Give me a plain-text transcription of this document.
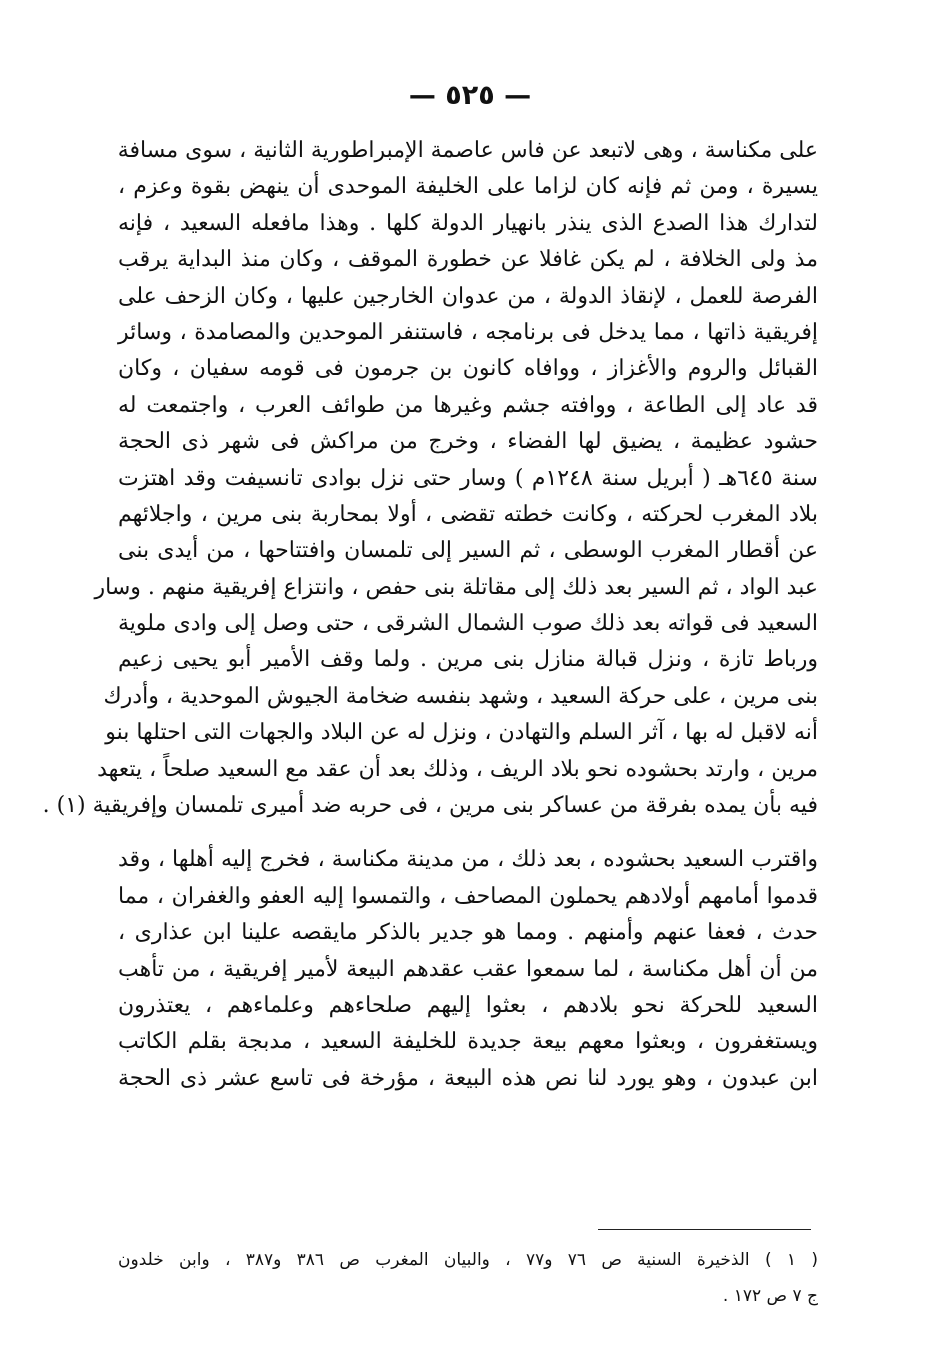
— ٥٢٥ —
على مكناسة ، وهى لاتبعد عن فاس عاصمة الإمبراطورية الثانية ، سوى مسافة
يسيرة ، ومن ثم فإنه كان لزاما على الخليفة الموحدى أن ينهض بقوة وعزم ،
لتدارك هذا الصدع الذى ينذر بانهيار الدولة كلها . وهذا مافعله السعيد ، فإنه
مذ ولى الخلافة ، لم يكن غافلا عن خطورة الموقف ، وكان منذ البداية يرقب
الفرصة للعمل ، لإنقاذ الدولة ، من عدوان الخارجين عليها ، وكان الزحف على
إفريقية ذاتها ، مما يدخل فى برنامجه ، فاستنفر الموحدين والمصامدة ، وسائر
القبائل والروم والأغزاز ، ووافاه كانون بن جرمون فى قومه سفيان ، وكان
قد عاد إلى الطاعة ، ووافته جشم وغيرها من طوائف العرب ، واجتمعت له
حشود عظيمة ، يضيق لها الفضاء ، وخرج من مراكش فى شهر ذى الحجة
سنة ٦٤٥هـ ( أبريل سنة ١٢٤٨م ) وسار حتى نزل بوادى تانسيفت وقد اهتزت
بلاد المغرب لحركته ، وكانت خطته تقضى ، أولا بمحاربة بنى مرين ، واجلائهم
عن أقطار المغرب الوسطى ، ثم السير إلى تلمسان وافتتاحها ، من أيدى بنى
عبد الواد ، ثم السير بعد ذلك إلى مقاتلة بنى حفص ، وانتزاع إفريقية منهم . وسار
السعيد فى قواته بعد ذلك صوب الشمال الشرقى ، حتى وصل إلى وادى ملوية
ورباط تازة ، ونزل قبالة منازل بنى مرين . ولما وقف الأمير أبو يحيى زعيم
بنى مرين ، على حركة السعيد ، وشهد بنفسه ضخامة الجيوش الموحدية ، وأدرك
أنه لاقبل له بها ، آثر السلم والتهادن ، ونزل له عن البلاد والجهات التى احتلها بنو
مرين ، وارتد بحشوده نحو بلاد الريف ، وذلك بعد أن عقد مع السعيد صلحاً ، يتعهد
فيه بأن يمده بفرقة من عساكر بنى مرين ، فى حربه ضد أميرى تلمسان وإفريقية (١) .
واقترب السعيد بحشوده ، بعد ذلك ، من مدينة مكناسة ، فخرج إليه أهلها ، وقد
قدموا أمامهم أولادهم يحملون المصاحف ، والتمسوا إليه العفو والغفران ، مما
حدث ، فعفا عنهم وأمنهم . ومما هو جدير بالذكر مايقصه علينا ابن عذارى ،
من أن أهل مكناسة ، لما سمعوا عقب عقدهم البيعة لأمير إفريقية ، من تأهب
السعيد للحركة نحو بلادهم ، بعثوا إليهم صلحاءهم وعلماءهم ، يعتذرون
ويستغفرون ، وبعثوا معهم بيعة جديدة للخليفة السعيد ، مدبجة بقلم الكاتب
ابن عبدون ، وهو يورد لنا نص هذه البيعة ، مؤرخة فى تاسع عشر ذى الحجة
( ١ ) الذخيرة السنية ص ٧٦ و٧٧ ، والبيان المغرب ص ٣٨٦ و٣٨٧ ، وابن خلدون
ج ٧ ص ١٧٢ .
